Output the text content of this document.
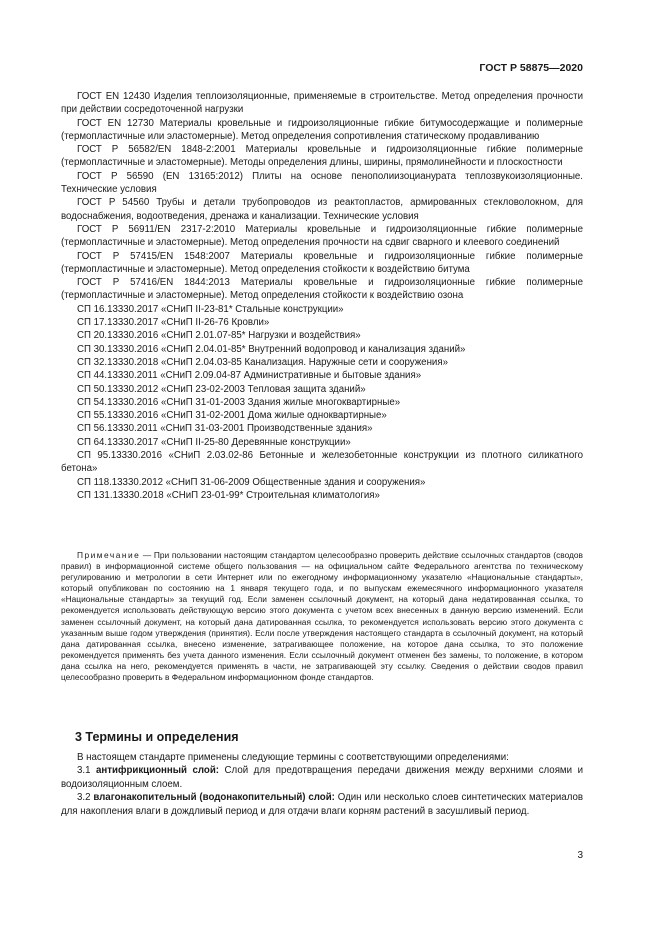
ГОСТ Р 58875—2020

ГОСТ EN 12430 Изделия теплоизоляционные, применяемые в строительстве. Метод определения прочности при действии сосредоточенной нагрузки

ГОСТ EN 12730 Материалы кровельные и гидроизоляционные гибкие битумосодержащие и полимерные (термопластичные или эластомерные). Метод определения сопротивления статическому продавливанию

ГОСТ Р 56582/EN 1848-2:2001 Материалы кровельные и гидроизоляционные гибкие полимерные (термопластичные и эластомерные). Методы определения длины, ширины, прямолинейности и плоскостности

ГОСТ Р 56590 (EN 13165:2012) Плиты на основе пенополиизоцианурата теплозвукоизоляционные. Технические условия

ГОСТ Р 54560 Трубы и детали трубопроводов из реактопластов, армированных стекловолокном, для водоснабжения, водоотведения, дренажа и канализации. Технические условия

ГОСТ Р 56911/EN 2317-2:2010 Материалы кровельные и гидроизоляционные гибкие полимерные (термопластичные и эластомерные). Метод определения прочности на сдвиг сварного и клеевого соединений

ГОСТ Р 57415/EN 1548:2007 Материалы кровельные и гидроизоляционные гибкие полимерные (термопластичные и эластомерные). Метод определения стойкости к воздействию битума

ГОСТ Р 57416/EN 1844:2013 Материалы кровельные и гидроизоляционные гибкие полимерные (термопластичные и эластомерные). Метод определения стойкости к воздействию озона

СП 16.13330.2017 «СНиП II-23-81* Стальные конструкции»

СП 17.13330.2017 «СНиП II-26-76 Кровли»

СП 20.13330.2016 «СНиП 2.01.07-85* Нагрузки и воздействия»

СП 30.13330.2016 «СНиП 2.04.01-85* Внутренний водопровод и канализация зданий»

СП 32.13330.2018 «СНиП 2.04.03-85 Канализация. Наружные сети и сооружения»

СП 44.13330.2011 «СНиП 2.09.04-87 Административные и бытовые здания»

СП 50.13330.2012 «СНиП 23-02-2003 Тепловая защита зданий»

СП 54.13330.2016 «СНиП 31-01-2003 Здания жилые многоквартирные»

СП 55.13330.2016 «СНиП 31-02-2001 Дома жилые одноквартирные»

СП 56.13330.2011 «СНиП 31-03-2001 Производственные здания»

СП 64.13330.2017 «СНиП II-25-80 Деревянные конструкции»

СП 95.13330.2016 «СНиП 2.03.02-86 Бетонные и железобетонные конструкции из плотного силикатного бетона»

СП 118.13330.2012 «СНиП 31-06-2009 Общественные здания и сооружения»

СП 131.13330.2018 «СНиП 23-01-99* Строительная климатология»

Примечание — При пользовании настоящим стандартом целесообразно проверить действие ссылочных стандартов (сводов правил) в информационной системе общего пользования — на официальном сайте Федерального агентства по техническому регулированию и метрологии в сети Интернет или по ежегодному информационному указателю «Национальные стандарты», который опубликован по состоянию на 1 января текущего года, и по выпускам ежемесячного информационного указателя «Национальные стандарты» за текущий год. Если заменен ссылочный документ, на который дана недатированная ссылка, то рекомендуется использовать действующую версию этого документа с учетом всех внесенных в данную версию изменений. Если заменен ссылочный документ, на который дана датированная ссылка, то рекомендуется использовать версию этого документа с указанным выше годом утверждения (принятия). Если после утверждения настоящего стандарта в ссылочный документ, на который дана датированная ссылка, внесено изменение, затрагивающее положение, на которое дана ссылка, то это положение рекомендуется применять без учета данного изменения. Если ссылочный документ отменен без замены, то положение, в котором дана ссылка на него, рекомендуется применять в части, не затрагивающей эту ссылку. Сведения о действии сводов правил целесообразно проверить в Федеральном информационном фонде стандартов.

3 Термины и определения

В настоящем стандарте применены следующие термины с соответствующими определениями:

3.1 антифрикционный слой: Слой для предотвращения передачи движения между верхними слоями и водоизоляционным слоем.

3.2 влагонакопительный (водонакопительный) слой: Один или несколько слоев синтетических материалов для накопления влаги в дождливый период и для отдачи влаги корням растений в засушливый период.

3
